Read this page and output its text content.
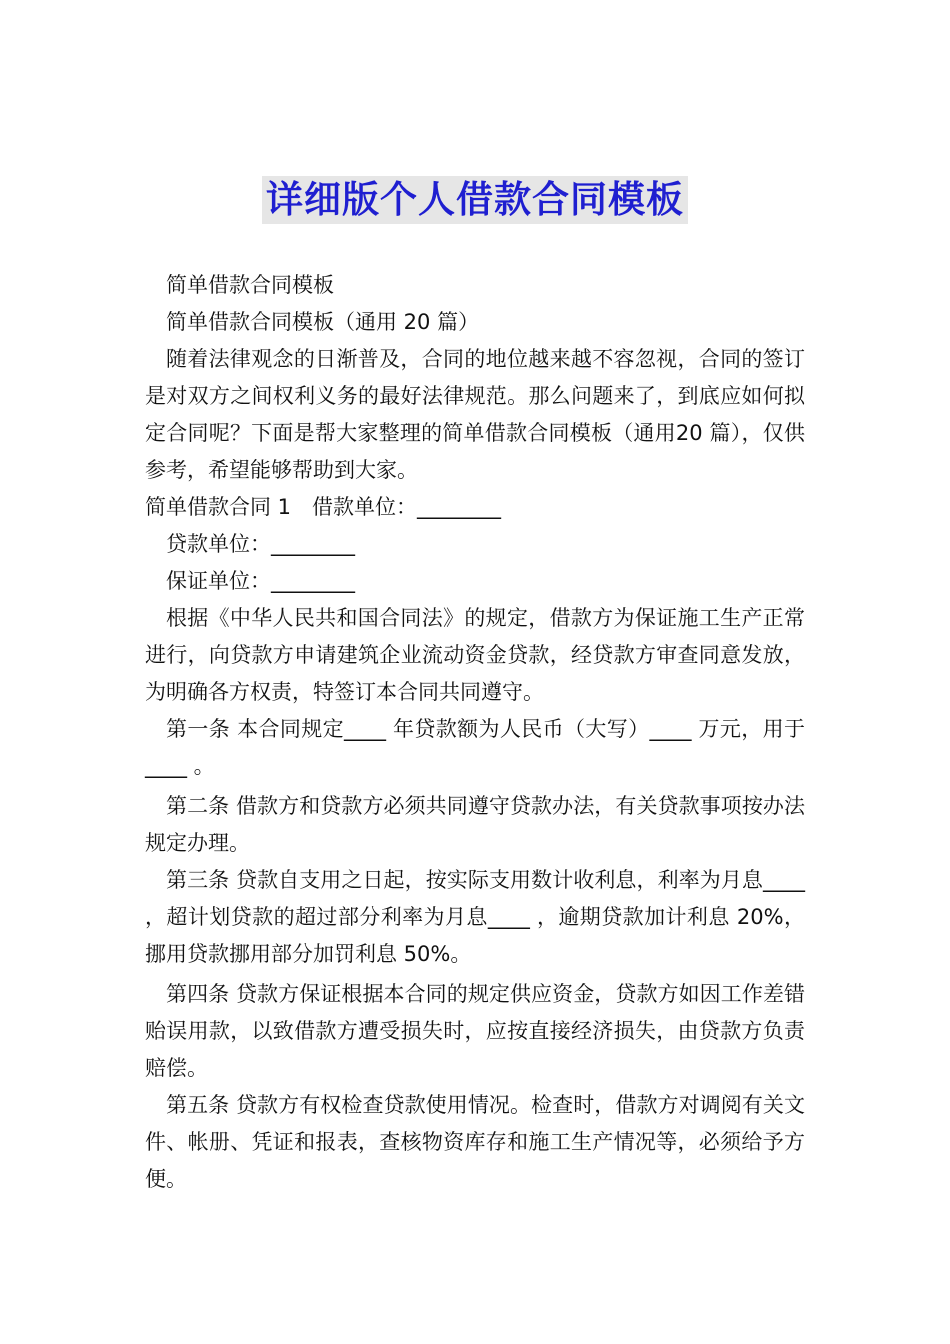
详细版个人借款合同模板

简单借款合同模板

简单借款合同模板（通用 20 篇）

随着法律观念的日渐普及，合同的地位越来越不容忽视，合同的签订是对双方之间权利义务的最好法律规范。那么问题来了，到底应如何拟定合同呢？下面是帮大家整理的简单借款合同模板（通用20 篇），仅供参考，希望能够帮助到大家。

简单借款合同 1　借款单位：________

贷款单位：________

保证单位：________

根据《中华人民共和国合同法》的规定，借款方为保证施工生产正常进行，向贷款方申请建筑企业流动资金贷款，经贷款方审查同意发放，为明确各方权责，特签订本合同共同遵守。

第一条 本合同规定____ 年贷款额为人民币（大写）____ 万元，用于____ 。

第二条 借款方和贷款方必须共同遵守贷款办法，有关贷款事项按办法规定办理。

第三条 贷款自支用之日起，按实际支用数计收利息，利率为月息____ ，超计划贷款的超过部分利率为月息____ ，逾期贷款加计利息 20%，挪用贷款挪用部分加罚利息 50%。

第四条 贷款方保证根据本合同的规定供应资金，贷款方如因工作差错贻误用款，以致借款方遭受损失时，应按直接经济损失，由贷款方负责赔偿。

第五条 贷款方有权检查贷款使用情况。检查时，借款方对调阅有关文件、帐册、凭证和报表，查核物资库存和施工生产情况等，必须给予方便。
